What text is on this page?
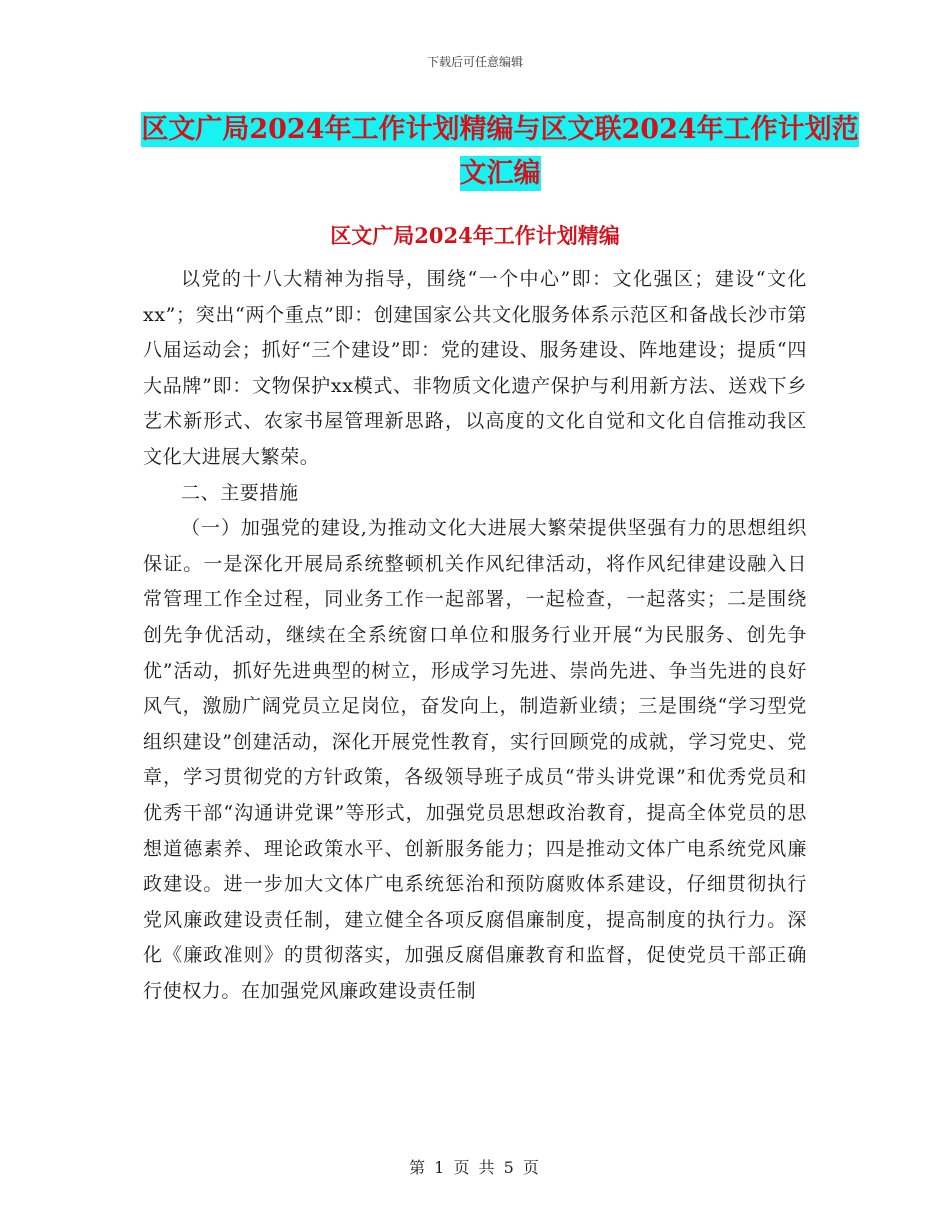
下载后可任意编辑
区文广局2024年工作计划精编与区文联2024年工作计划范文汇编
区文广局2024年工作计划精编

以党的十八大精神为指导，围绕“一个中心”即：文化强区；建设“文化xx”；突出“两个重点”即：创建国家公共文化服务体系示范区和备战长沙市第八届运动会；抓好“三个建设”即：党的建设、服务建设、阵地建设；提质“四大品牌”即：文物保护xx模式、非物质文化遗产保护与利用新方法、送戏下乡艺术新形式、农家书屋管理新思路，以高度的文化自觉和文化自信推动我区文化大进展大繁荣。

二、主要措施

（一）加强党的建设,为推动文化大进展大繁荣提供坚强有力的思想组织保证。一是深化开展局系统整顿机关作风纪律活动，将作风纪律建设融入日常管理工作全过程，同业务工作一起部署，一起检查，一起落实；二是围绕创先争优活动，继续在全系统窗口单位和服务行业开展“为民服务、创先争优”活动，抓好先进典型的树立，形成学习先进、崇尚先进、争当先进的良好风气，激励广阔党员立足岗位，奋发向上，制造新业绩；三是围绕“学习型党组织建设”创建活动，深化开展党性教育，实行回顾党的成就，学习党史、党章，学习贯彻党的方针政策，各级领导班子成员“带头讲党课”和优秀党员和优秀干部“沟通讲党课”等形式，加强党员思想政治教育，提高全体党员的思想道德素养、理论政策水平、创新服务能力；四是推动文体广电系统党风廉政建设。进一步加大文体广电系统惩治和预防腐败体系建设，仔细贯彻执行党风廉政建设责任制，建立健全各项反腐倡廉制度，提高制度的执行力。深化《廉政准则》的贯彻落实，加强反腐倡廉教育和监督，促使党员干部正确行使权力。在加强党风廉政建设责任制

第 1 页 共 5 页
